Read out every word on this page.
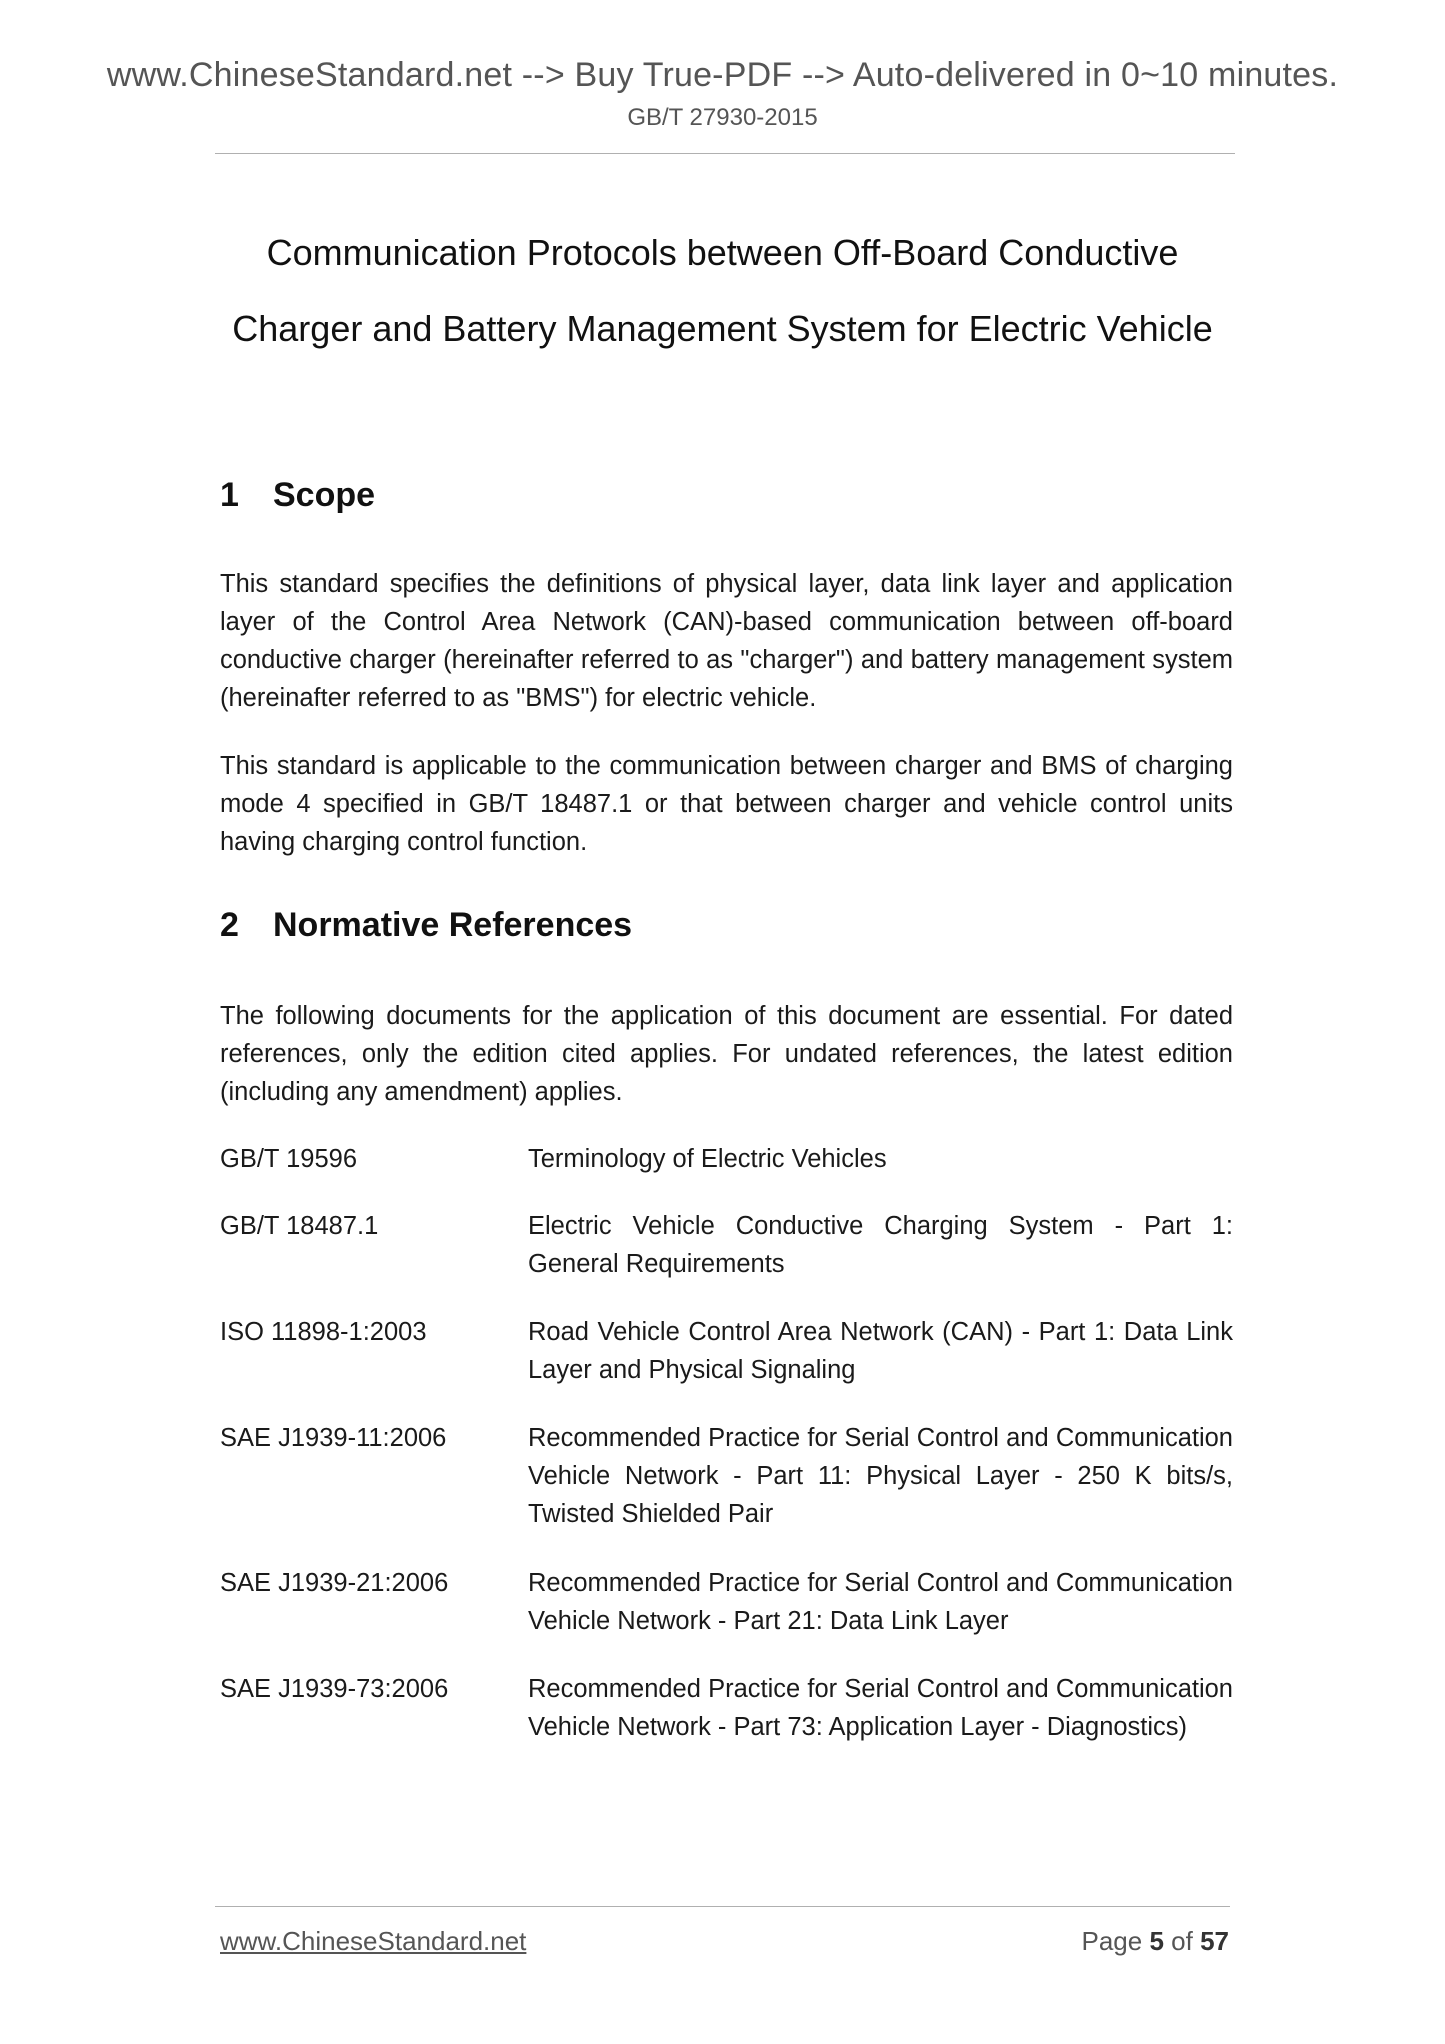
www.ChineseStandard.net --> Buy True-PDF --> Auto-delivered in 0~10 minutes.
GB/T 27930-2015
Communication Protocols between Off-Board Conductive
Charger and Battery Management System for Electric Vehicle
1 Scope
This standard specifies the definitions of physical layer, data link layer and application layer of the Control Area Network (CAN)-based communication between off-board conductive charger (hereinafter referred to as "charger") and battery management system (hereinafter referred to as "BMS") for electric vehicle.
This standard is applicable to the communication between charger and BMS of charging mode 4 specified in GB/T 18487.1 or that between charger and vehicle control units having charging control function.
2 Normative References
The following documents for the application of this document are essential. For dated references, only the edition cited applies. For undated references, the latest edition (including any amendment) applies.
GB/T 19596	Terminology of Electric Vehicles
GB/T 18487.1	Electric Vehicle Conductive Charging System - Part 1: General Requirements
ISO 11898-1:2003	Road Vehicle Control Area Network (CAN) - Part 1: Data Link Layer and Physical Signaling
SAE J1939-11:2006	Recommended Practice for Serial Control and Communication Vehicle Network - Part 11: Physical Layer - 250 K bits/s, Twisted Shielded Pair
SAE J1939-21:2006	Recommended Practice for Serial Control and Communication Vehicle Network - Part 21: Data Link Layer
SAE J1939-73:2006	Recommended Practice for Serial Control and Communication Vehicle Network - Part 73: Application Layer - Diagnostics)
www.ChineseStandard.net	Page 5 of 57
